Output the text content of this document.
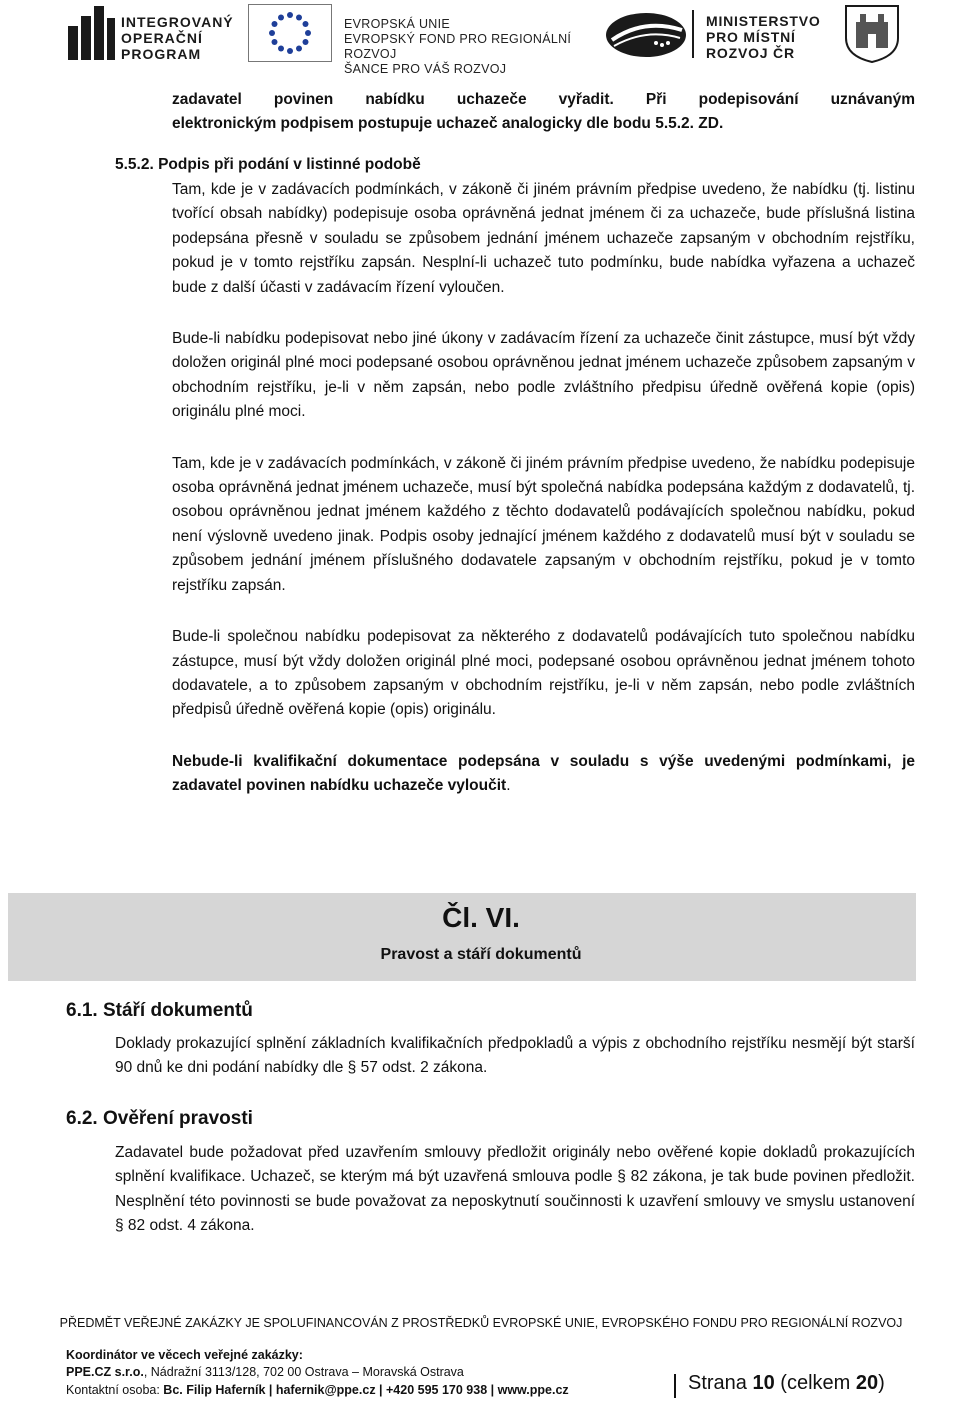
INTEGROVANÝ
OPERAČNÍ
PROGRAM
EVROPSKÁ UNIE
EVROPSKÝ FOND PRO REGIONÁLNÍ ROZVOJ
ŠANCE PRO VÁŠ ROZVOJ
MINISTERSTVO
PRO MÍSTNÍ
ROZVOJ ČR
zadavatel povinen nabídku uchazeče vyřadit. Při podepisování uznávaným
elektronickým podpisem postupuje uchazeč analogicky dle bodu 5.5.2. ZD.
5.5.2. Podpis při podání v listinné podobě

Tam, kde je v zadávacích podmínkách, v zákoně či jiném právním předpise uvedeno, že nabídku (tj. listinu tvořící obsah nabídky) podepisuje osoba oprávněná jednat jménem či za uchazeče, bude příslušná listina podepsána přesně v souladu se způsobem jednání jménem uchazeče zapsaným v obchodním rejstříku, pokud je v tomto rejstříku zapsán. Nesplní-li uchazeč tuto podmínku, bude nabídka vyřazena a uchazeč bude z další účasti v zadávacím řízení vyloučen.

Bude-li nabídku podepisovat nebo jiné úkony v zadávacím řízení za uchazeče činit zástupce, musí být vždy doložen originál plné moci podepsané osobou oprávněnou jednat jménem uchazeče způsobem zapsaným v obchodním rejstříku, je-li v něm zapsán, nebo podle zvláštního předpisu úředně ověřená kopie (opis) originálu plné moci.

Tam, kde je v zadávacích podmínkách, v zákoně či jiném právním předpise uvedeno, že nabídku podepisuje osoba oprávněná jednat jménem uchazeče, musí být společná nabídka podepsána každým z dodavatelů, tj. osobou oprávněnou jednat jménem každého z těchto dodavatelů podávajících společnou nabídku, pokud není výslovně uvedeno jinak. Podpis osoby jednající jménem každého z dodavatelů musí být v souladu se způsobem jednání jménem příslušného dodavatele zapsaným v obchodním rejstříku, pokud je v tomto rejstříku zapsán.

Bude-li společnou nabídku podepisovat za některého z dodavatelů podávajících tuto společnou nabídku zástupce, musí být vždy doložen originál plné moci, podepsané osobou oprávněnou jednat jménem tohoto dodavatele, a to způsobem zapsaným v obchodním rejstříku, je-li v něm zapsán, nebo podle zvláštních předpisů úředně ověřená kopie (opis) originálu.

Nebude-li kvalifikační dokumentace podepsána v souladu s výše uvedenými podmínkami, je zadavatel povinen nabídku uchazeče vyloučit.

Čl. VI.
Pravost a stáří dokumentů
6.1. Stáří dokumentů

Doklady prokazující splnění základních kvalifikačních předpokladů a výpis z obchodního rejstříku nesmějí být starší 90 dnů ke dni podání nabídky dle § 57 odst. 2 zákona.

6.2. Ověření pravosti

Zadavatel bude požadovat před uzavřením smlouvy předložit originály nebo ověřené kopie dokladů prokazujících splnění kvalifikace. Uchazeč, se kterým má být uzavřená smlouva podle § 82 zákona, je tak bude povinen předložit. Nesplnění této povinnosti se bude považovat za neposkytnutí součinnosti k uzavření smlouvy ve smyslu ustanovení § 82 odst. 4 zákona.

PŘEDMĚT VEŘEJNÉ ZAKÁZKY JE SPOLUFINANCOVÁN Z PROSTŘEDKŮ EVROPSKÉ UNIE, EVROPSKÉHO FONDU PRO REGIONÁLNÍ ROZVOJ
Koordinátor ve věcech veřejné zakázky:
PPE.CZ s.r.o., Nádražní 3113/128, 702 00 Ostrava – Moravská Ostrava
Kontaktní osoba: Bc. Filip Haferník | hafernik@ppe.cz | +420 595 170 938 | www.ppe.cz	Strana 10 (celkem 20)
